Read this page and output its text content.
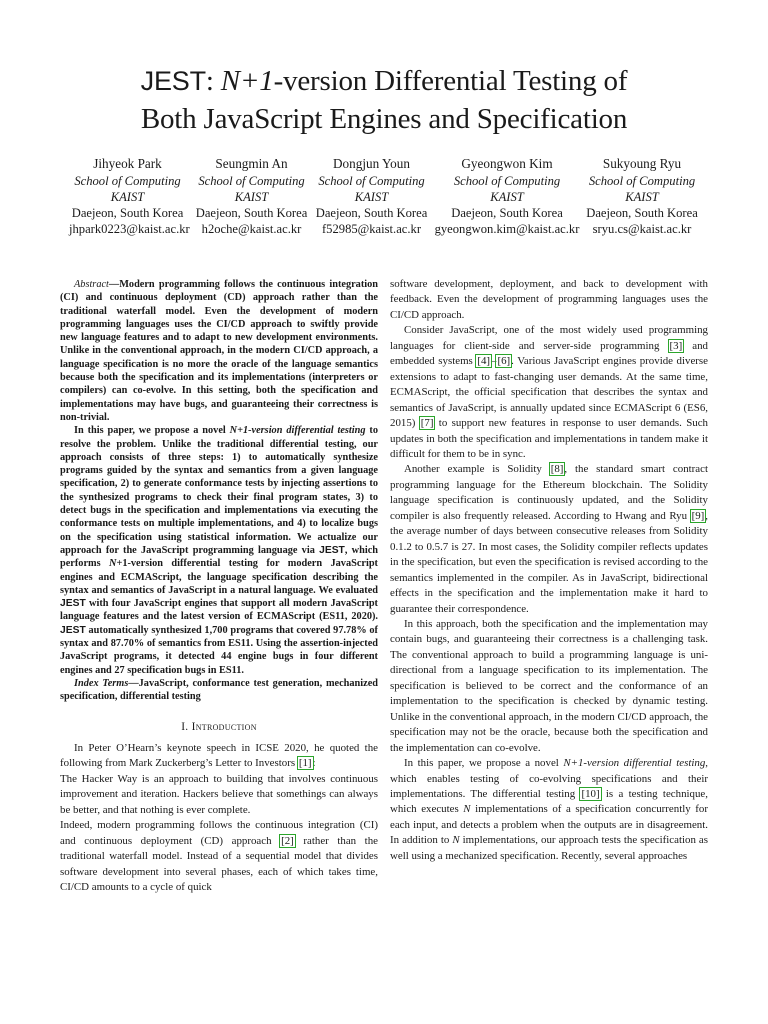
JEST: N+1-version Differential Testing of
Both JavaScript Engines and Specification
Jihyeok Park
School of Computing
KAIST
Daejeon, South Korea
jhpark0223@kaist.ac.kr
Seungmin An
School of Computing
KAIST
Daejeon, South Korea
h2oche@kaist.ac.kr
Dongjun Youn
School of Computing
KAIST
Daejeon, South Korea
f52985@kaist.ac.kr
Gyeongwon Kim
School of Computing
KAIST
Daejeon, South Korea
gyeongwon.kim@kaist.ac.kr
Sukyoung Ryu
School of Computing
KAIST
Daejeon, South Korea
sryu.cs@kaist.ac.kr

Abstract—Modern programming follows the continuous integration (CI) and continuous deployment (CD) approach rather than the traditional waterfall model. Even the development of modern programming languages uses the CI/CD approach to swiftly provide new language features and to adapt to new development environments. Unlike in the conventional approach, in the modern CI/CD approach, a language specification is no more the oracle of the language semantics because both the specification and its implementations (interpreters or compilers) can co-evolve. In this setting, both the specification and implementations may have bugs, and guaranteeing their correctness is non-trivial.

In this paper, we propose a novel N+1-version differential testing to resolve the problem. Unlike the traditional differential testing, our approach consists of three steps: 1) to automatically synthesize programs guided by the syntax and semantics from a given language specification, 2) to generate conformance tests by injecting assertions to the synthesized programs to check their final program states, 3) to detect bugs in the specification and implementations via executing the conformance tests on multiple implementations, and 4) to localize bugs on the specification using statistical information. We actualize our approach for the JavaScript programming language via JEST, which performs N+1-version differential testing for modern JavaScript engines and ECMAScript, the language specification describing the syntax and semantics of JavaScript in a natural language. We evaluated JEST with four JavaScript engines that support all modern JavaScript language features and the latest version of ECMAScript (ES11, 2020). JEST automatically synthesized 1,700 programs that covered 97.78% of syntax and 87.70% of semantics from ES11. Using the assertion-injected JavaScript programs, it detected 44 engine bugs in four different engines and 27 specification bugs in ES11.

Index Terms—JavaScript, conformance test generation, mechanized specification, differential testing

I. Introduction

In Peter O’Hearn’s keynote speech in ICSE 2020, he quoted the following from Mark Zuckerberg’s Letter to Investors [1]:

The Hacker Way is an approach to building that involves continuous improvement and iteration. Hackers believe that somethings can always be better, and that nothing is ever complete.

Indeed, modern programming follows the continuous integration (CI) and continuous deployment (CD) approach [2] rather than the traditional waterfall model. Instead of a sequential model that divides software development into several phases, each of which takes time, CI/CD amounts to a cycle of quick

software development, deployment, and back to development with feedback. Even the development of programming languages uses the CI/CD approach.

Consider JavaScript, one of the most widely used programming languages for client-side and server-side programming [3] and embedded systems [4]–[6]. Various JavaScript engines provide diverse extensions to adapt to fast-changing user demands. At the same time, ECMAScript, the official specification that describes the syntax and semantics of JavaScript, is annually updated since ECMAScript 6 (ES6, 2015) [7] to support new features in response to user demands. Such updates in both the specification and implementations in tandem make it difficult for them to be in sync.

Another example is Solidity [8], the standard smart contract programming language for the Ethereum blockchain. The Solidity language specification is continuously updated, and the Solidity compiler is also frequently released. According to Hwang and Ryu [9], the average number of days between consecutive releases from Solidity 0.1.2 to 0.5.7 is 27. In most cases, the Solidity compiler reflects updates in the specification, but even the specification is revised according to the semantics implemented in the compiler. As in JavaScript, bidirectional effects in the specification and the implementation make it hard to guarantee their correspondence.

In this approach, both the specification and the implementation may contain bugs, and guaranteeing their correctness is a challenging task. The conventional approach to build a programming language is uni-directional from a language specification to its implementation. The specification is believed to be correct and the conformance of an implementation to the specification is checked by dynamic testing. Unlike in the conventional approach, in the modern CI/CD approach, the specification may not be the oracle, because both the specification and the implementation can co-evolve.

In this paper, we propose a novel N+1-version differential testing, which enables testing of co-evolving specifications and their implementations. The differential testing [10] is a testing technique, which executes N implementations of a specification concurrently for each input, and detects a problem when the outputs are in disagreement. In addition to N implementations, our approach tests the specification as well using a mechanized specification. Recently, several approaches
